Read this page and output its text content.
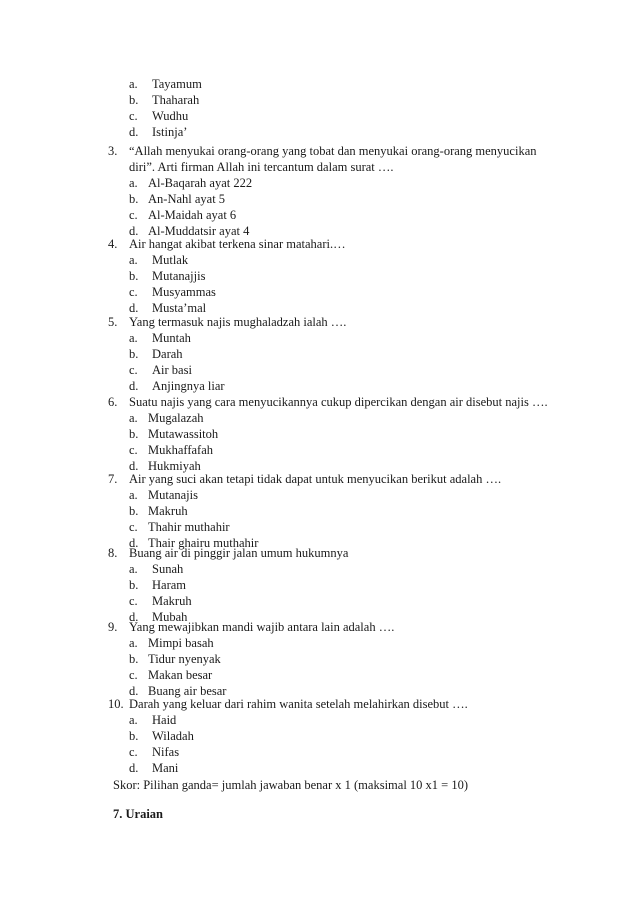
a. Tayamum
b. Thaharah
c. Wudhu
d. Istinja’
3. “Allah menyukai orang-orang yang tobat dan menyukai orang-orang menyucikan
diri”. Arti firman Allah ini tercantum dalam surat ….
a. Al-Baqarah ayat 222
b. An-Nahl ayat 5
c. Al-Maidah ayat 6
d. Al-Muddatsir ayat 4
4. Air hangat akibat terkena sinar matahari.…
a. Mutlak
b. Mutanajjis
c. Musyammas
d. Musta’mal
5. Yang termasuk najis mughaladzah ialah ….
a. Muntah
b. Darah
c. Air basi
d. Anjingnya liar
6. Suatu najis yang cara menyucikannya cukup dipercikan dengan air disebut najis ….
a. Mugalazah
b. Mutawassitoh
c. Mukhaffafah
d. Hukmiyah
7. Air yang suci akan tetapi tidak dapat untuk menyucikan berikut adalah ….
a. Mutanajis
b. Makruh
c. Thahir muthahir
d. Thair ghairu muthahir
8. Buang air di pinggir jalan umum hukumnya
a. Sunah
b. Haram
c. Makruh
d. Mubah
9. Yang mewajibkan mandi wajib antara lain adalah ….
a. Mimpi basah
b. Tidur nyenyak
c. Makan besar
d. Buang air besar
10. Darah yang keluar dari rahim wanita setelah melahirkan disebut ….
a. Haid
b. Wiladah
c. Nifas
d. Mani
Skor: Pilihan ganda= jumlah jawaban benar x 1 (maksimal 10 x1 = 10)
7. Uraian
